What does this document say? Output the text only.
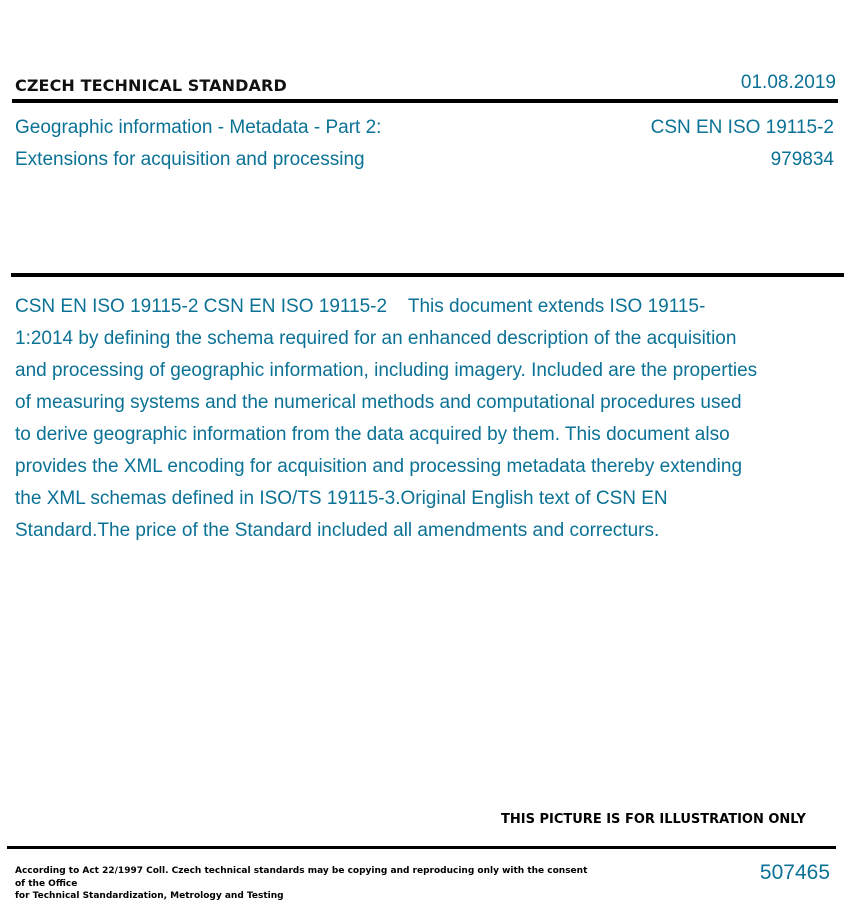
CZECH TECHNICAL STANDARD	01.08.2019
Geographic information - Metadata - Part 2:
Extensions for acquisition and processing
CSN EN ISO 19115-2
979834
CSN EN ISO 19115-2 CSN EN ISO 19115-2    This document extends ISO 19115-1:2014 by defining the schema required for an enhanced description of the acquisition and processing of geographic information, including imagery. Included are the properties of measuring systems and the numerical methods and computational procedures used to derive geographic information from the data acquired by them. This document also provides the XML encoding for acquisition and processing metadata thereby extending the XML schemas defined in ISO/TS 19115-3.Original English text of CSN EN Standard.The price of the Standard included all amendments and correcturs.
THIS PICTURE IS FOR ILLUSTRATION ONLY
According to Act 22/1997 Coll. Czech technical standards may be copying and reproducing only with the consent of the Office
for Technical Standardization, Metrology and Testing
507465
